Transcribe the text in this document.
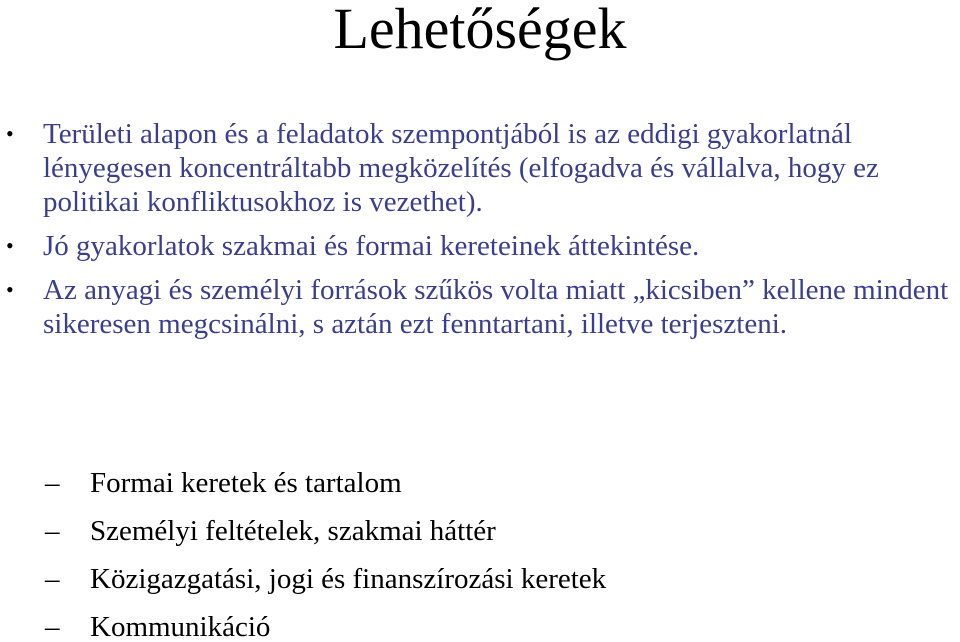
Lehetőségek
• Területi alapon és a feladatok szempontjából is az eddigi gyakorlatnál lényegesen koncentráltabb megközelítés (elfogadva és vállalva, hogy ez politikai konfliktusokhoz is vezethet).
• Jó gyakorlatok szakmai és formai kereteinek áttekintése.
• Az anyagi és személyi források szűkös volta miatt „kicsiben” kellene mindent sikeresen megcsinálni, s aztán ezt fenntartani, illetve terjeszteni.
– Formai keretek és tartalom
– Személyi feltételek, szakmai háttér
– Közigazgatási, jogi és finanszírozási keretek
– Kommunikáció
